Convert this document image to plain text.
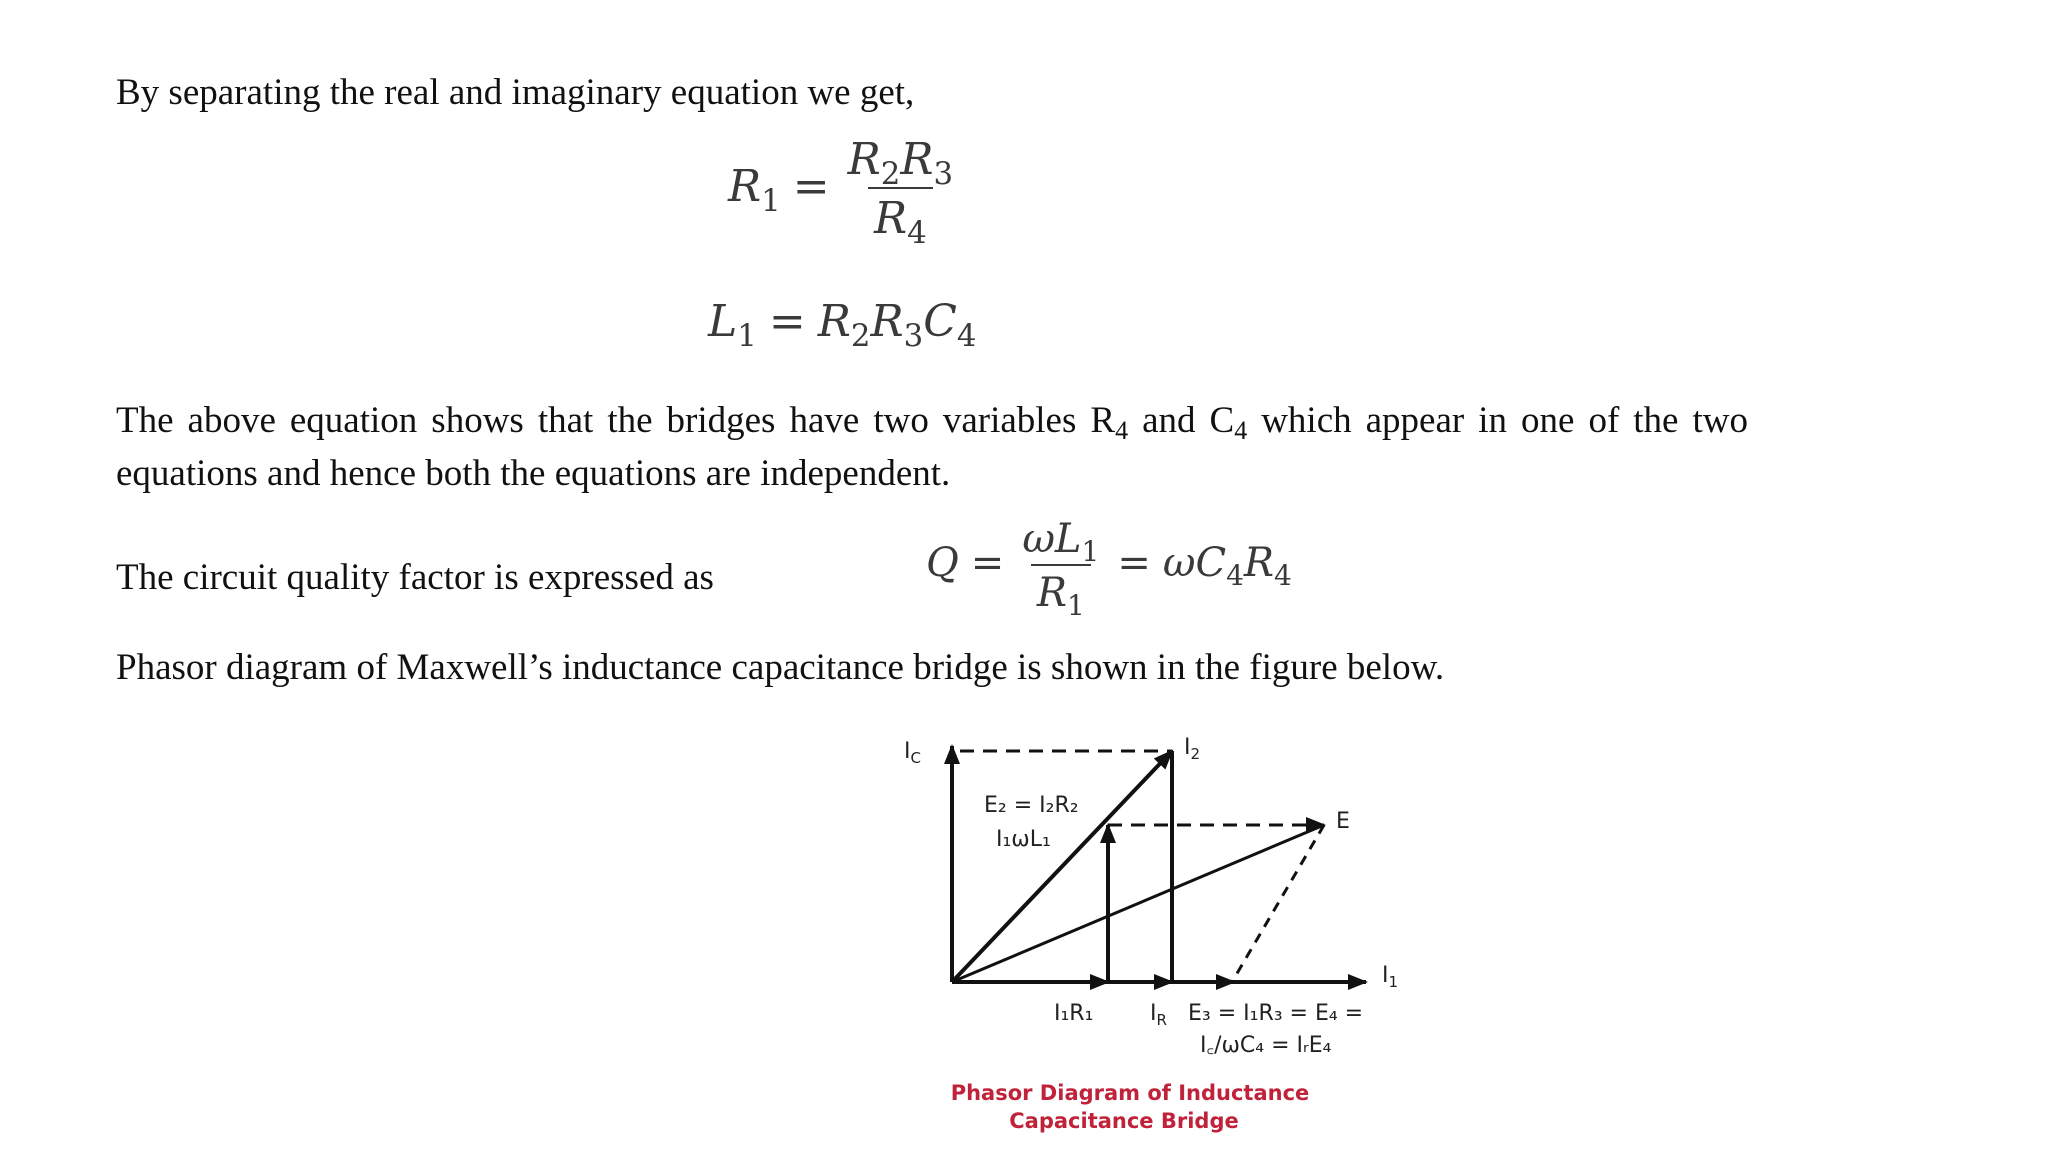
By separating the real and imaginary equation we get,

$R_1 = \frac{R_2R_3}{R_4}$
$L_1 = R_2R_3C_4$

The above equation shows that the bridges have two variables $R_4$ and $C_4$ which appear in one of the two equations and hence both the equations are independent.

The circuit quality factor is expressed as	$Q = \frac{\omega L_1}{R_1} = \omega C_4R_4$

Phasor diagram of Maxwell’s inductance capacitance bridge is shown in the figure below.

$I_C$	$I_2$
E₂ = I₂R₂
I₁ωL₁
E
$I_1$
I₁R₁	$I_R$ E₃ = I₁R₃ = E₄ =
I꜀/ωC₄ = IᵣE₄
Phasor Diagram of Inductance
Capacitance Bridge
